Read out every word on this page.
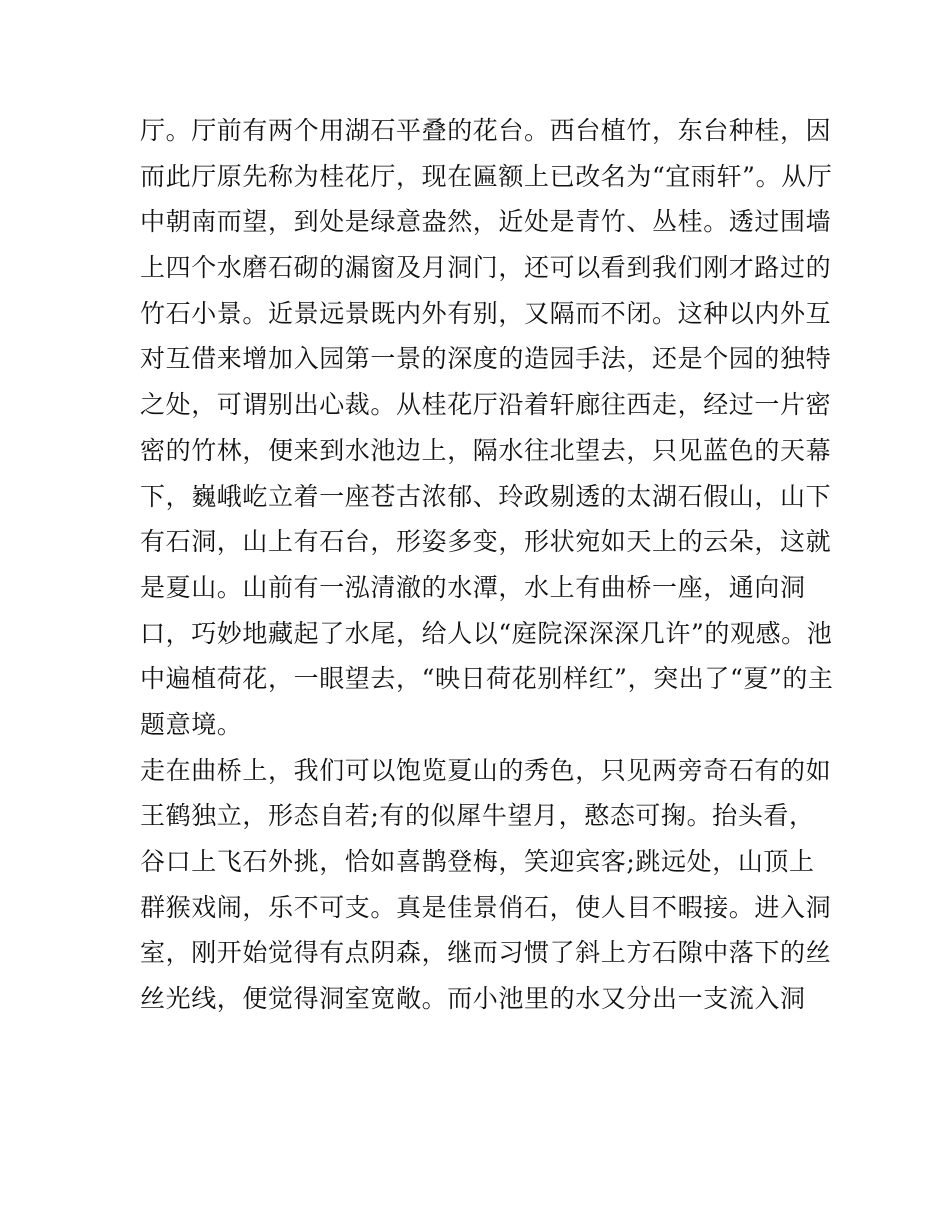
厅。厅前有两个用湖石平叠的花台。西台植竹，东台种桂，因
而此厅原先称为桂花厅，现在匾额上已改名为“宜雨轩”。从厅
中朝南而望，到处是绿意盎然，近处是青竹、丛桂。透过围墙
上四个水磨石砌的漏窗及月洞门，还可以看到我们刚才路过的
竹石小景。近景远景既内外有别，又隔而不闭。这种以内外互
对互借来增加入园第一景的深度的造园手法，还是个园的独特
之处，可谓别出心裁。从桂花厅沿着轩廊往西走，经过一片密
密的竹林，便来到水池边上，隔水往北望去，只见蓝色的天幕
下，巍峨屹立着一座苍古浓郁、玲政剔透的太湖石假山，山下
有石洞，山上有石台，形姿多变，形状宛如天上的云朵，这就
是夏山。山前有一泓清澈的水潭，水上有曲桥一座，通向洞
口，巧妙地藏起了水尾，给人以“庭院深深深几许”的观感。池
中遍植荷花，一眼望去，“映日荷花别样红”，突出了“夏”的主
题意境。
走在曲桥上，我们可以饱览夏山的秀色，只见两旁奇石有的如
王鹤独立，形态自若;有的似犀牛望月，憨态可掬。抬头看，
谷口上飞石外挑，恰如喜鹊登梅，笑迎宾客;跳远处，山顶上
群猴戏闹，乐不可支。真是佳景俏石，使人目不暇接。进入洞
室，刚开始觉得有点阴森，继而习惯了斜上方石隙中落下的丝
丝光线，便觉得洞室宽敞。而小池里的水又分出一支流入洞
